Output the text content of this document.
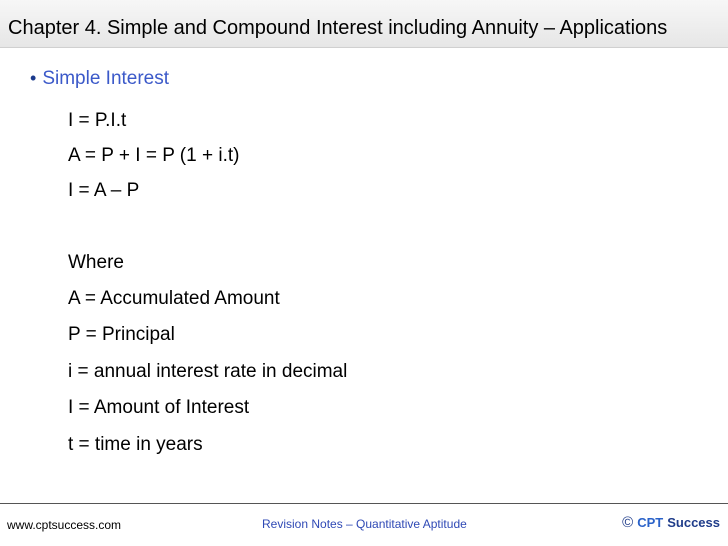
Chapter 4. Simple and Compound Interest including Annuity – Applications
• Simple Interest
I = P.I.t
A = P + I = P (1 + i.t)
I = A – P
Where
A = Accumulated Amount
P = Principal
i = annual interest rate in decimal
I = Amount of Interest
t = time in years
www.cptsuccess.com	Revision Notes – Quantitative Aptitude	© CPT Success
